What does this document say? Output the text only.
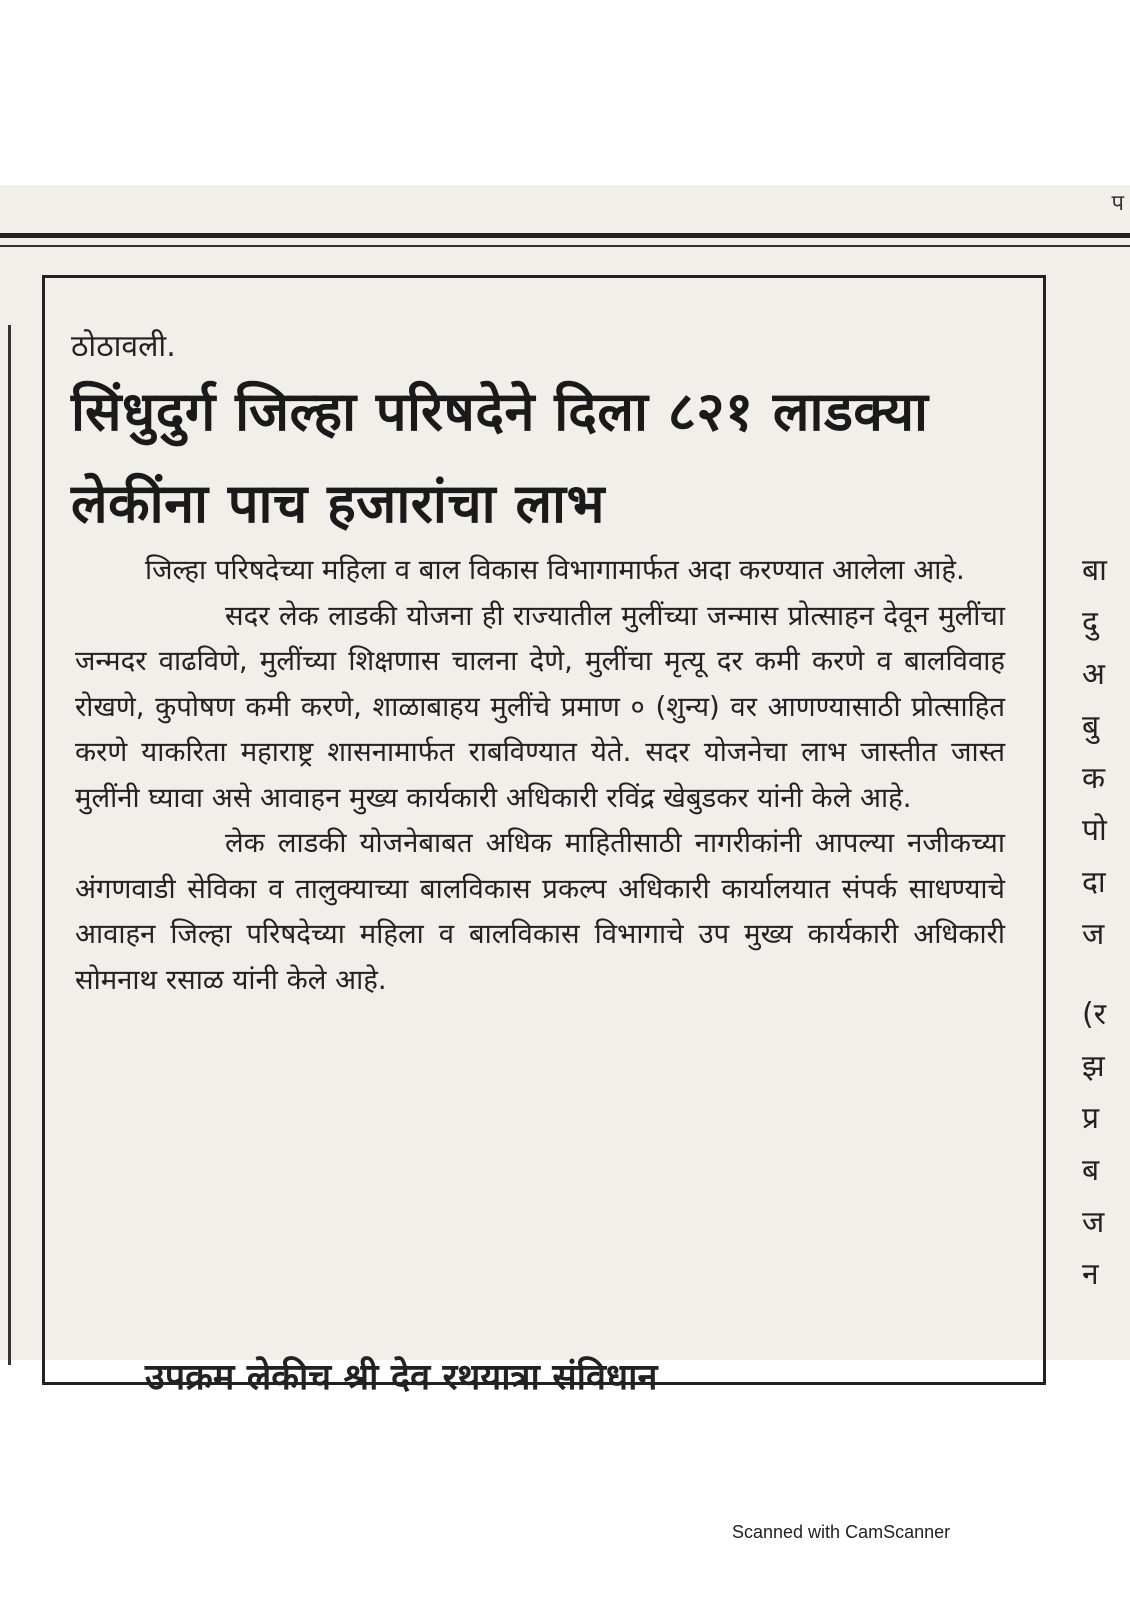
प
ठोठावली.
सिंधुदुर्ग जिल्हा परिषदेने दिला ८२१ लाडक्या लेकींना पाच हजारांचा लाभ

जिल्हा परिषदेच्या महिला व बाल विकास विभागामार्फत अदा करण्यात आलेला आहे.

सदर लेक लाडकी योजना ही राज्यातील मुलींच्या जन्मास प्रोत्साहन देवून मुलींचा जन्मदर वाढविणे, मुलींच्या शिक्षणास चालना देणे, मुलींचा मृत्यू दर कमी करणे व बालविवाह रोखणे, कुपोषण कमी करणे, शाळाबाहय मुलींचे प्रमाण ० (शुन्य) वर आणण्यासाठी प्रोत्साहित करणे याकरिता महाराष्ट्र शासनामार्फत राबविण्यात येते. सदर योजनेचा लाभ जास्तीत जास्त मुलींनी घ्यावा असे आवाहन मुख्य कार्यकारी अधिकारी रविंद्र खेबुडकर यांनी केले आहे.

लेक लाडकी योजनेबाबत अधिक माहितीसाठी नागरीकांनी आपल्या नजीकच्या अंगणवाडी सेविका व तालुक्याच्या बालविकास प्रकल्प अधिकारी कार्यालयात संपर्क साधण्याचे आवाहन जिल्हा परिषदेच्या महिला व बालविकास विभागाचे उप मुख्य कार्यकारी अधिकारी सोमनाथ रसाळ यांनी केले आहे.

उपक्रम लेकीच श्री देव रथयात्रा संविधान
बा
दु
अ
बु
क
पो
दा
ज
(र
झ
प्र
ब
ज
न
Scanned with CamScanner
